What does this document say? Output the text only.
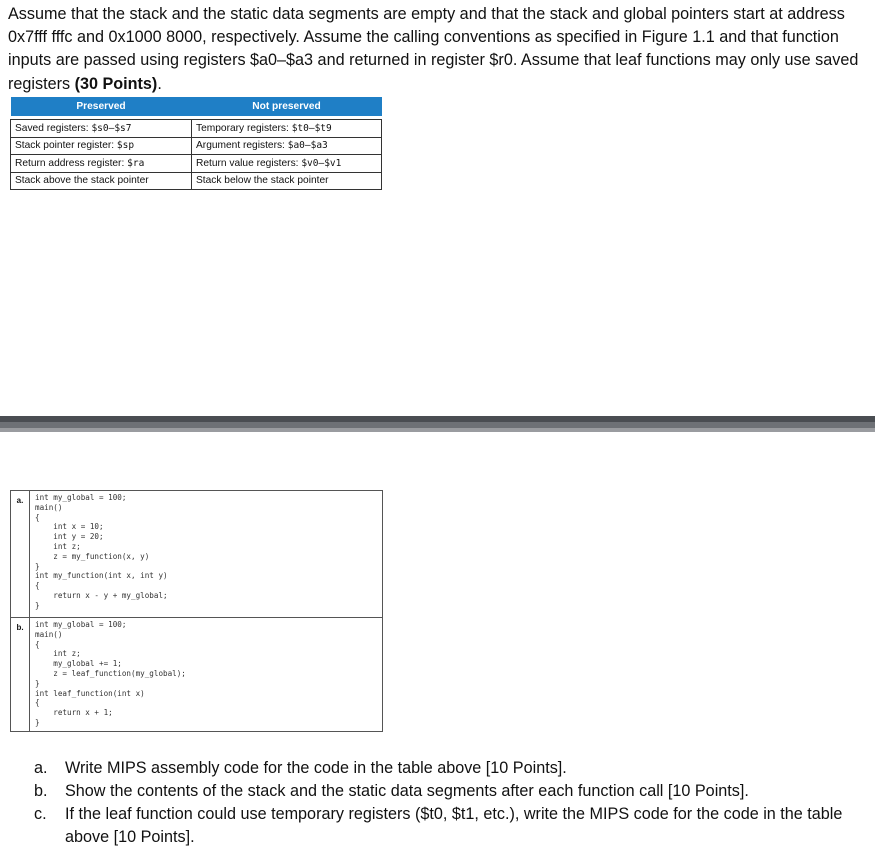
Assume that the stack and the static data segments are empty and that the stack and global pointers start at address 0x7fff fffc and 0x1000 8000, respectively. Assume the calling conventions as specified in Figure 1.1 and that function inputs are passed using registers $a0–$a3 and returned in register $r0. Assume that leaf functions may only use saved registers (30 Points).

Preserved	Not preserved

Saved registers: $s0–$s7	Temporary registers: $t0–$t9
Stack pointer register: $sp	Argument registers: $a0–$a3
Return address register: $ra	Return value registers: $v0–$v1
Stack above the stack pointer	Stack below the stack pointer
a.	int my_global = 100;
main()
{
int x = 10;
int y = 20;
int z;
z = my_function(x, y)
}
int my_function(int x, int y)
{
return x - y + my_global;
}
b.	int my_global = 100;
main()
{
int z;
my_global += 1;
z = leaf_function(my_global);
}
int leaf_function(int x)
{
return x + 1;
}
a. Write MIPS assembly code for the code in the table above [10 Points].
b. Show the contents of the stack and the static data segments after each function call [10 Points].
c. If the leaf function could use temporary registers ($t0, $t1, etc.), write the MIPS code for the code in the table above [10 Points].
